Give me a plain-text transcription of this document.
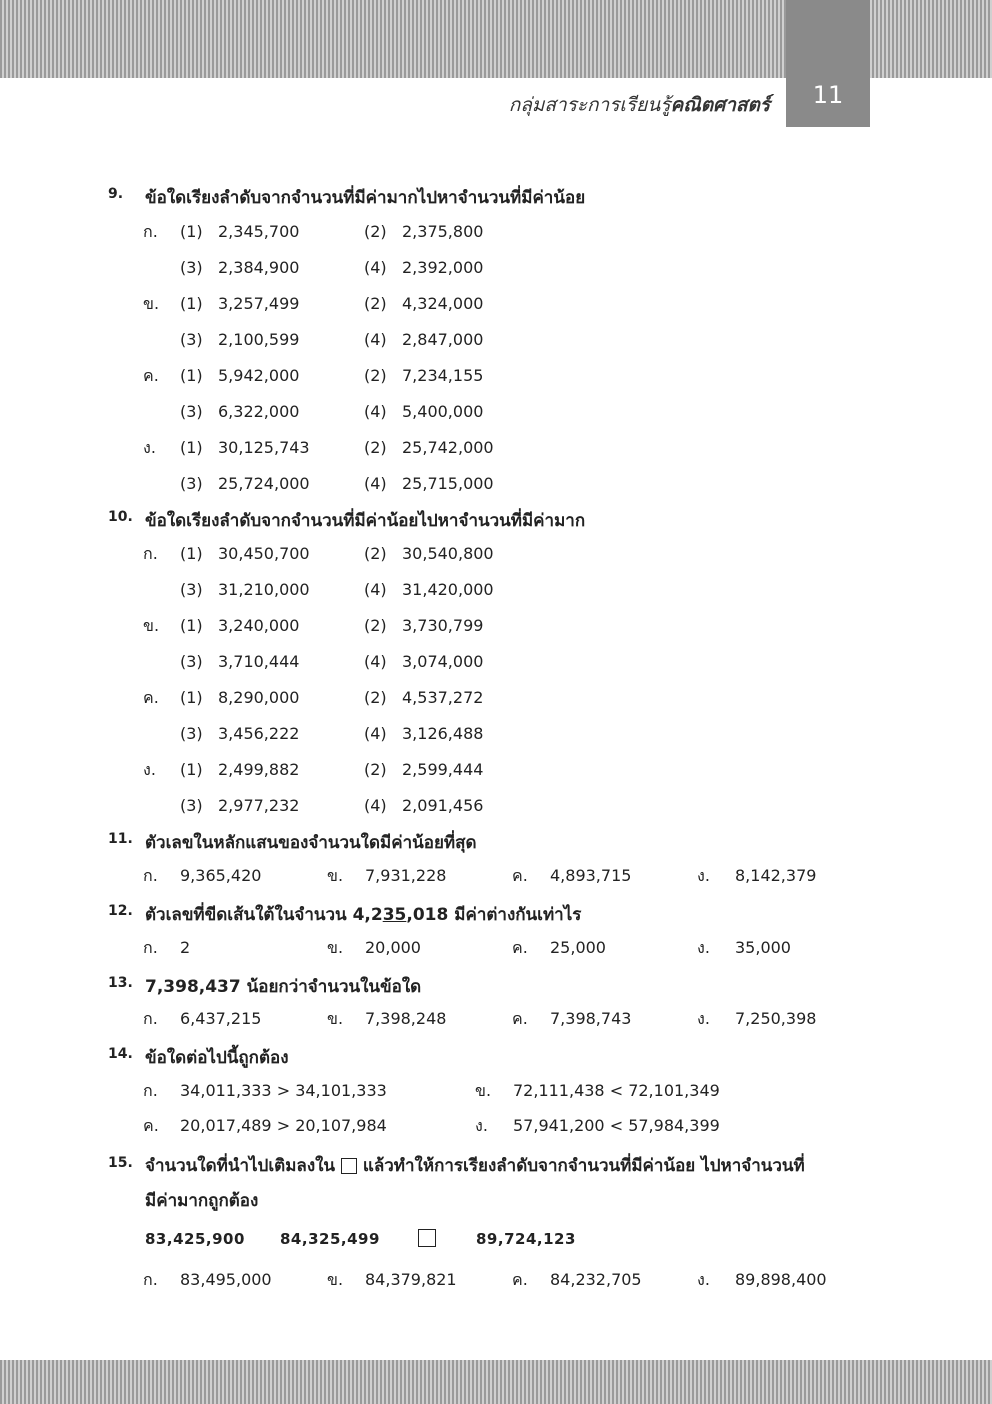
11
กลุ่มสาระการเรียนรู้คณิตศาสตร์
9. ข้อใดเรียงลำดับจากจำนวนที่มีค่ามากไปหาจำนวนที่มีค่าน้อย
ก. (1) 2,345,700	(2) 2,375,800
(3) 2,384,900	(4) 2,392,000
ข. (1) 3,257,499	(2) 4,324,000
(3) 2,100,599	(4) 2,847,000
ค. (1) 5,942,000	(2) 7,234,155
(3) 6,322,000	(4) 5,400,000
ง. (1) 30,125,743	(2) 25,742,000
(3) 25,724,000	(4) 25,715,000
10. ข้อใดเรียงลำดับจากจำนวนที่มีค่าน้อยไปหาจำนวนที่มีค่ามาก
ก. (1) 30,450,700	(2) 30,540,800
(3) 31,210,000	(4) 31,420,000
ข. (1) 3,240,000	(2) 3,730,799
(3) 3,710,444	(4) 3,074,000
ค. (1) 8,290,000	(2) 4,537,272
(3) 3,456,222	(4) 3,126,488
ง. (1) 2,499,882	(2) 2,599,444
(3) 2,977,232	(4) 2,091,456
11. ตัวเลขในหลักแสนของจำนวนใดมีค่าน้อยที่สุด
ก. 9,365,420	ข. 7,931,228	ค. 4,893,715	ง. 8,142,379
12. ตัวเลขที่ขีดเส้นใต้ในจำนวน 4,235,018 มีค่าต่างกันเท่าไร
ก. 2	ข. 20,000	ค. 25,000	ง. 35,000
13. 7,398,437 น้อยกว่าจำนวนในข้อใด
ก. 6,437,215	ข. 7,398,248	ค. 7,398,743	ง. 7,250,398
14. ข้อใดต่อไปนี้ถูกต้อง
ก. 34,011,333 > 34,101,333	ข. 72,111,438 < 72,101,349
ค. 20,017,489 > 20,107,984	ง. 57,941,200 < 57,984,399
15. จำนวนใดที่นำไปเติมลงใน  แล้วทำให้การเรียงลำดับจากจำนวนที่มีค่าน้อย ไปหาจำนวนที่
มีค่ามากถูกต้อง
83,425,900 84,325,499	89,724,123
ก. 83,495,000	ข. 84,379,821	ค. 84,232,705	ง. 89,898,400
